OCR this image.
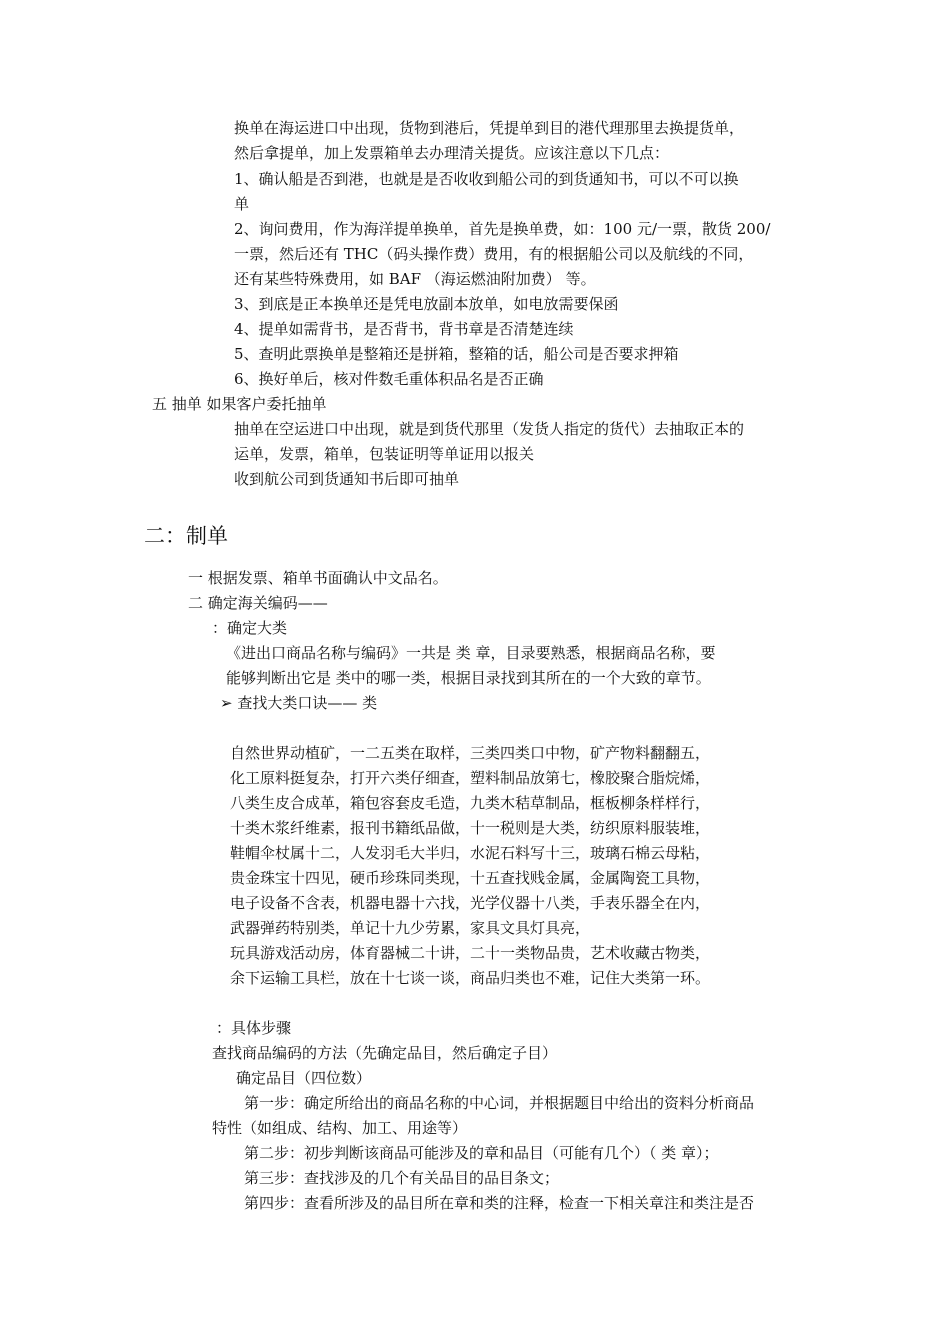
换单在海运进口中出现，货物到港后，凭提单到目的港代理那里去换提货单，
然后拿提单，加上发票箱单去办理清关提货。应该注意以下几点：
1、确认船是否到港，也就是是否收收到船公司的到货通知书，可以不可以换
单
2、询问费用，作为海洋提单换单，首先是换单费，如：100 元/一票，散货 200/
一票，然后还有 THC（码头操作费）费用，有的根据船公司以及航线的不同，
还有某些特殊费用，如 BAF （海运燃油附加费） 等。
3、到底是正本换单还是凭电放副本放单，如电放需要保函
4、提单如需背书，是否背书，背书章是否清楚连续
5、查明此票换单是整箱还是拼箱，整箱的话，船公司是否要求押箱
6、换好单后，核对件数毛重体积品名是否正确
五 抽单 如果客户委托抽单
抽单在空运进口中出现，就是到货代那里（发货人指定的货代）去抽取正本的
运单，发票，箱单，包装证明等单证用以报关
收到航公司到货通知书后即可抽单
二：制单
一 根据发票、箱单书面确认中文品名。
二 确定海关编码——
：确定大类
《进出口商品名称与编码》一共是 类 章，目录要熟悉，根据商品名称，要
能够判断出它是 类中的哪一类，根据目录找到其所在的一个大致的章节。
➢ 查找大类口诀—— 类
自然世界动植矿，一二五类在取样，三类四类口中物，矿产物料翻翻五，
化工原料挺复杂，打开六类仔细查，塑料制品放第七，橡胶聚合脂烷烯，
八类生皮合成革，箱包容套皮毛造，九类木秸草制品，框板柳条样样行，
十类木浆纤维素，报刊书籍纸品做，十一税则是大类，纺织原料服装堆，
鞋帽伞杖属十二，人发羽毛大半归，水泥石料写十三，玻璃石棉云母粘，
贵金珠宝十四见，硬币珍珠同类现，十五查找贱金属，金属陶瓷工具物，
电子设备不含表，机器电器十六找，光学仪器十八类，手表乐器全在内，
武器弹药特别类，单记十九少劳累，家具文具灯具亮，
玩具游戏活动房，体育器械二十讲，二十一类物品贵，艺术收藏古物类，
余下运输工具栏，放在十七谈一谈，商品归类也不难，记住大类第一环。
：具体步骤
查找商品编码的方法（先确定品目，然后确定子目）
确定品目（四位数）
第一步：确定所给出的商品名称的中心词，并根据题目中给出的资料分析商品
特性（如组成、结构、加工、用途等）
第二步：初步判断该商品可能涉及的章和品目（可能有几个）（ 类 章）；
第三步：查找涉及的几个有关品目的品目条文；
第四步：查看所涉及的品目所在章和类的注释，检查一下相关章注和类注是否
